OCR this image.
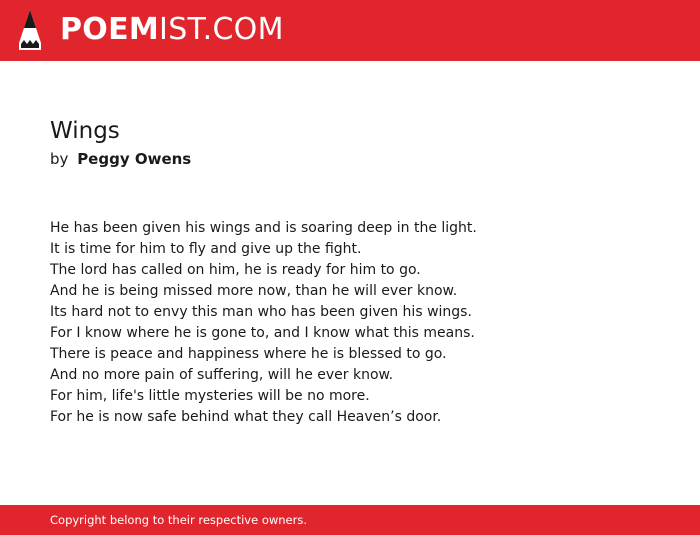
POEMIST.COM
Wings
by Peggy Owens
He has been given his wings and is soaring deep in the light.
It is time for him to fly and give up the fight.
The lord has called on him, he is ready for him to go.
And he is being missed more now, than he will ever know.
Its hard not to envy this man who has been given his wings.
For I know where he is gone to, and I know what this means.
There is peace and happiness where he is blessed to go.
And no more pain of suffering, will he ever know.
For him, life's little mysteries will be no more.
For he is now safe behind what they call Heaven’s door.
Copyright belong to their respective owners.
